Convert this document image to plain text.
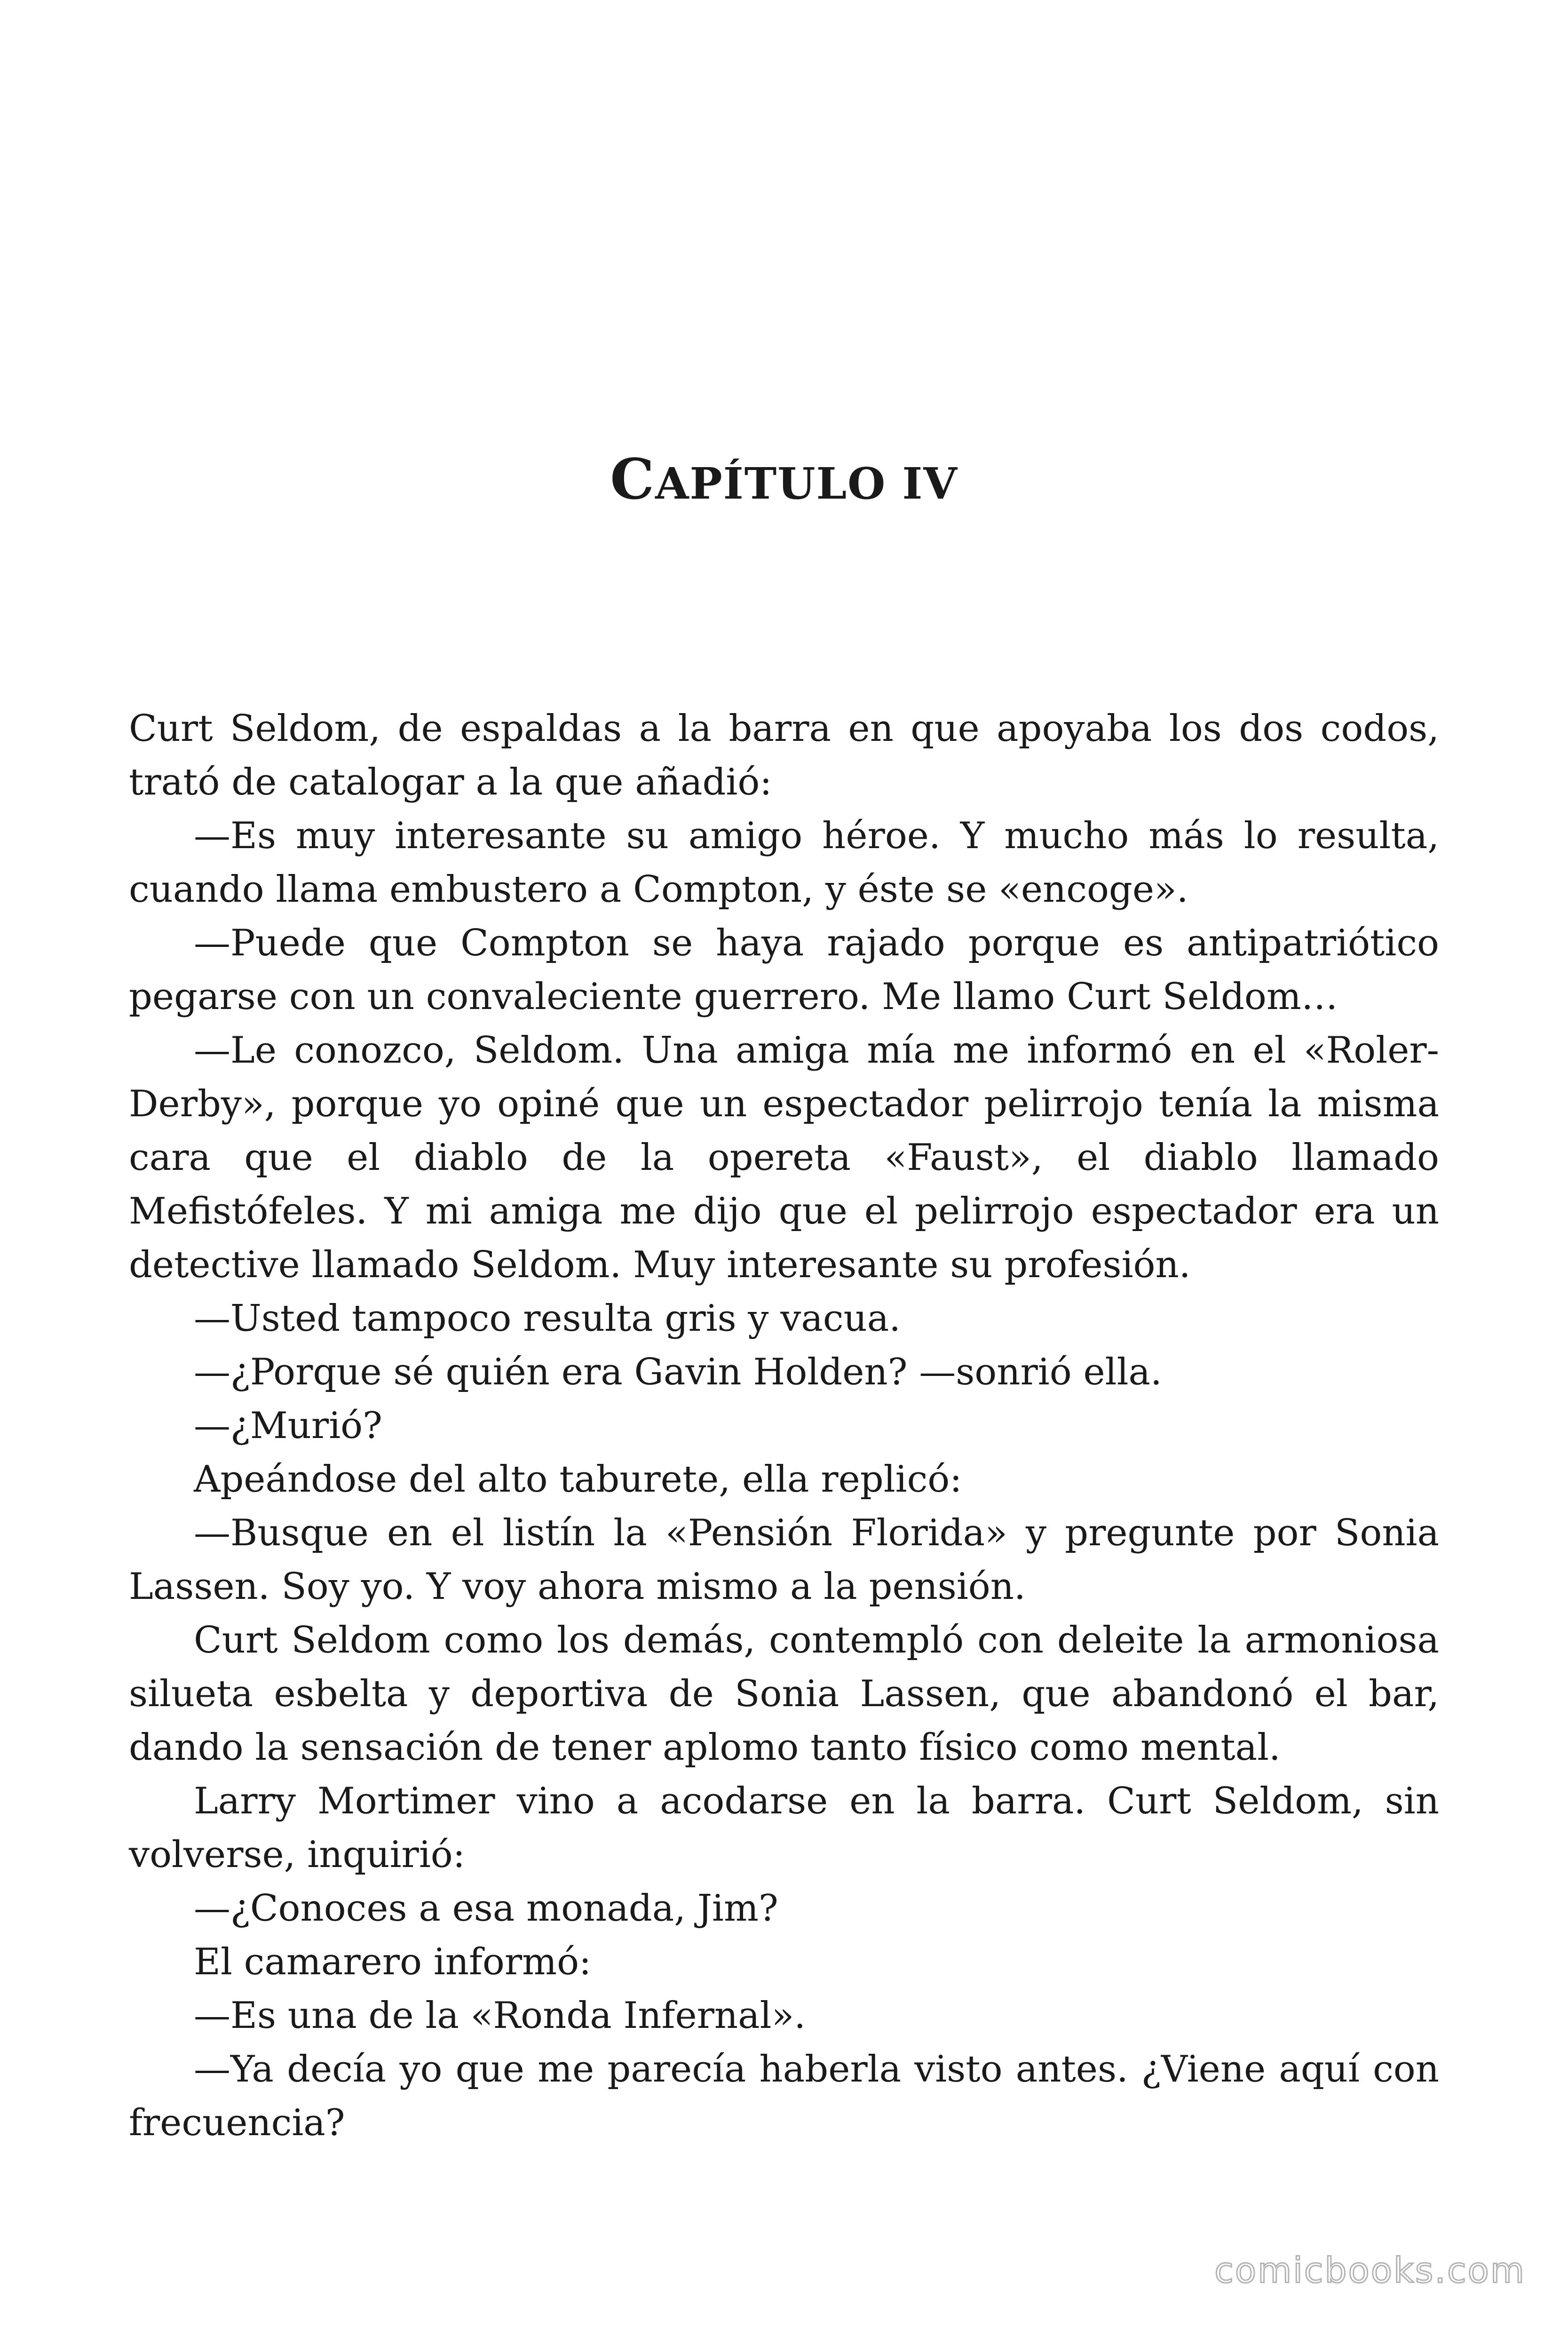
CAPÍTULO IV

Curt Seldom, de espaldas a la barra en que apoyaba los dos codos, trató de catalogar a la que añadió:

—Es muy interesante su amigo héroe. Y mucho más lo resulta, cuando llama embustero a Compton, y éste se «encoge».

—Puede que Compton se haya rajado porque es antipatriótico pegarse con un convaleciente guerrero. Me llamo Curt Seldom…

—Le conozco, Seldom. Una amiga mía me informó en el «Roler-Derby», porque yo opiné que un espectador pelirrojo tenía la misma cara que el diablo de la opereta «Faust», el diablo llamado Mefistófeles. Y mi amiga me dijo que el pelirrojo espectador era un detective llamado Seldom. Muy interesante su profesión.

—Usted tampoco resulta gris y vacua.

—¿Porque sé quién era Gavin Holden? —sonrió ella.

—¿Murió?

Apeándose del alto taburete, ella replicó:

—Busque en el listín la «Pensión Florida» y pregunte por Sonia Lassen. Soy yo. Y voy ahora mismo a la pensión.

Curt Seldom como los demás, contempló con deleite la armoniosa silueta esbelta y deportiva de Sonia Lassen, que abandonó el bar, dando la sensación de tener aplomo tanto físico como mental.

Larry Mortimer vino a acodarse en la barra. Curt Seldom, sin volverse, inquirió:

—¿Conoces a esa monada, Jim?

El camarero informó:

—Es una de la «Ronda Infernal».

—Ya decía yo que me parecía haberla visto antes. ¿Viene aquí con frecuencia?

comicbooks.com
